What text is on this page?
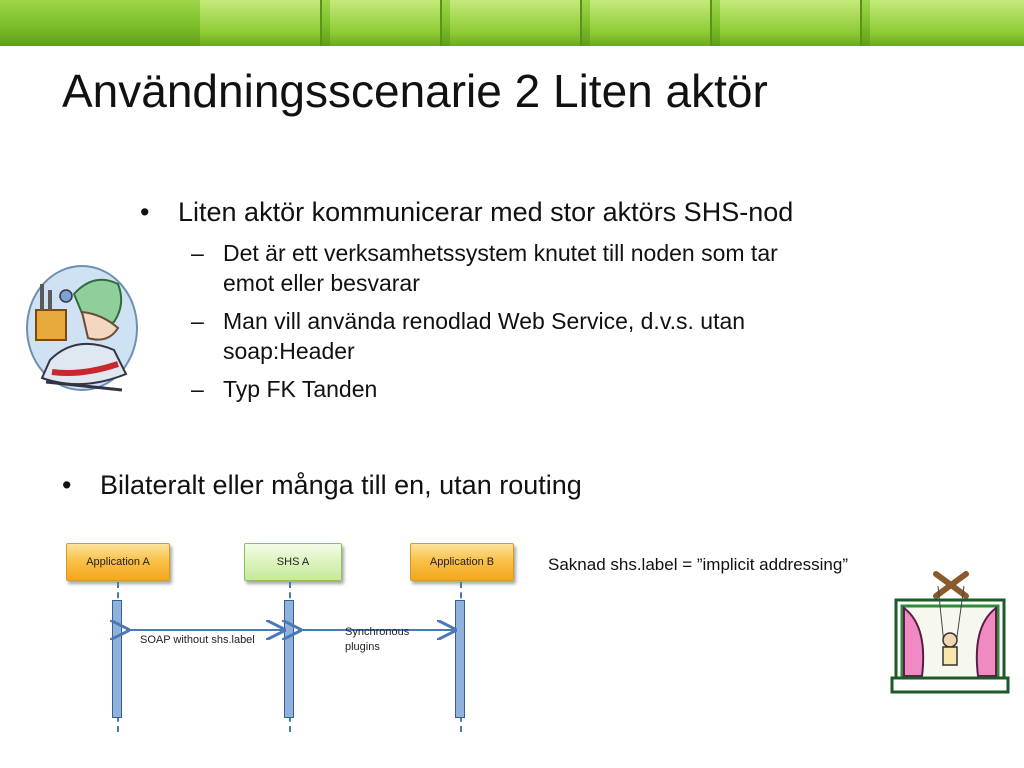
Användningsscenarie 2 Liten aktör
• Liten aktör kommunicerar med stor aktörs SHS-nod
– Det är ett verksamhetssystem knutet till noden som tar
emot eller besvarar
– Man vill använda renodlad Web Service, d.v.s. utan
soap:Header
– Typ FK Tanden
• Bilateralt eller många till en, utan routing
Application A	SHS A	Application B
SOAP without shs.label
Synchronous
plugins
Saknad shs.label = ”implicit addressing”
